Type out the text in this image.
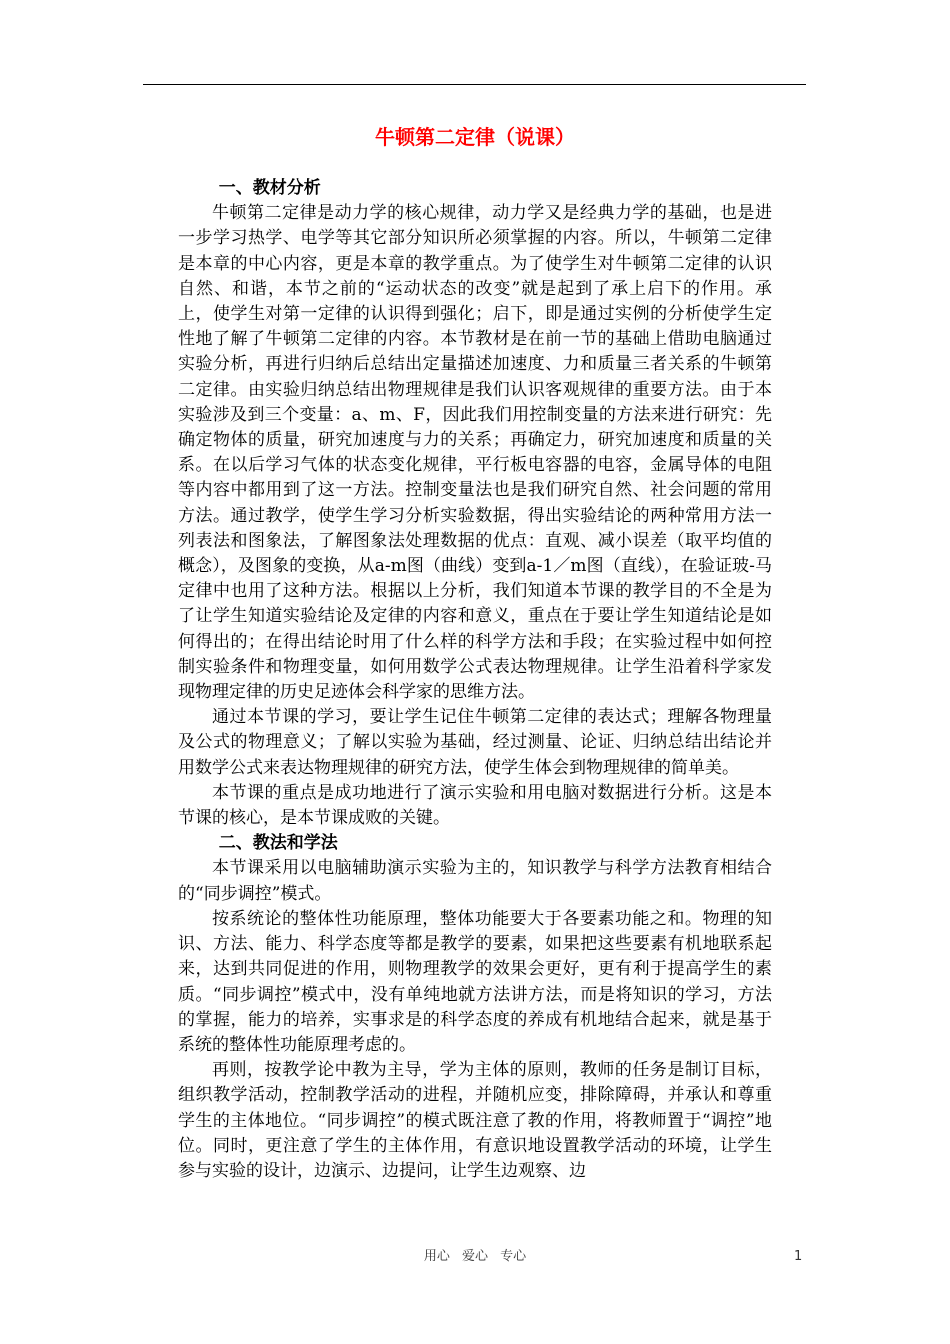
牛顿第二定律（说课）
一、教材分析

牛顿第二定律是动力学的核心规律，动力学又是经典力学的基础，也是进一步学习热学、电学等其它部分知识所必须掌握的内容。所以，牛顿第二定律是本章的中心内容，更是本章的教学重点。为了使学生对牛顿第二定律的认识自然、和谐，本节之前的“运动状态的改变”就是起到了承上启下的作用。承上，使学生对第一定律的认识得到强化；启下，即是通过实例的分析使学生定性地了解了牛顿第二定律的内容。本节教材是在前一节的基础上借助电脑通过实验分析，再进行归纳后总结出定量描述加速度、力和质量三者关系的牛顿第二定律。由实验归纳总结出物理规律是我们认识客观规律的重要方法。由于本实验涉及到三个变量：a、m、F，因此我们用控制变量的方法来进行研究：先确定物体的质量，研究加速度与力的关系；再确定力，研究加速度和质量的关系。在以后学习气体的状态变化规律，平行板电容器的电容，金属导体的电阻等内容中都用到了这一方法。控制变量法也是我们研究自然、社会问题的常用方法。通过教学，使学生学习分析实验数据，得出实验结论的两种常用方法一列表法和图象法，了解图象法处理数据的优点：直观、减小误差（取平均值的概念），及图象的变换，从a-m图（曲线）变到a-1／m图（直线），在验证玻-马定律中也用了这种方法。根据以上分析，我们知道本节课的教学目的不全是为了让学生知道实验结论及定律的内容和意义，重点在于要让学生知道结论是如何得出的；在得出结论时用了什么样的科学方法和手段；在实验过程中如何控制实验条件和物理变量，如何用数学公式表达物理规律。让学生沿着科学家发现物理定律的历史足迹体会科学家的思维方法。

通过本节课的学习，要让学生记住牛顿第二定律的表达式；理解各物理量及公式的物理意义；了解以实验为基础，经过测量、论证、归纳总结出结论并用数学公式来表达物理规律的研究方法，使学生体会到物理规律的简单美。

本节课的重点是成功地进行了演示实验和用电脑对数据进行分析。这是本节课的核心，是本节课成败的关键。

二、教法和学法

本节课采用以电脑辅助演示实验为主的，知识教学与科学方法教育相结合的“同步调控”模式。

按系统论的整体性功能原理，整体功能要大于各要素功能之和。物理的知识、方法、能力、科学态度等都是教学的要素，如果把这些要素有机地联系起来，达到共同促进的作用，则物理教学的效果会更好，更有利于提高学生的素质。“同步调控”模式中，没有单纯地就方法讲方法，而是将知识的学习，方法的掌握，能力的培养，实事求是的科学态度的养成有机地结合起来，就是基于系统的整体性功能原理考虑的。

再则，按教学论中教为主导，学为主体的原则，教师的任务是制订目标，组织教学活动，控制教学活动的进程，并随机应变，排除障碍，并承认和尊重学生的主体地位。“同步调控”的模式既注意了教的作用，将教师置于“调控”地位。同时，更注意了学生的主体作用，有意识地设置教学活动的环境，让学生参与实验的设计，边演示、边提问，让学生边观察、边

用心 爱心 专心	1
